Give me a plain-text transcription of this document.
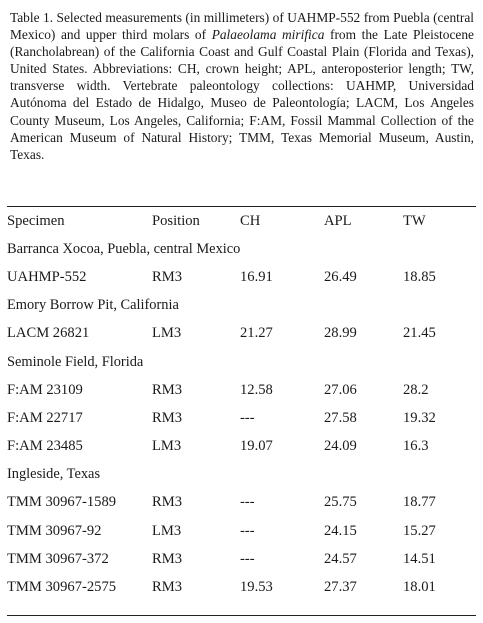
Table 1. Selected measurements (in millimeters) of UAHMP-552 from Puebla (central Mexico) and upper third molars of Palaeolama mirifica from the Late Pleistocene (Rancholabrean) of the California Coast and Gulf Coastal Plain (Florida and Texas), United States. Abbreviations: CH, crown height; APL, anteroposterior length; TW, transverse width. Vertebrate paleontology collections: UAHMP, Universidad Autónoma del Estado de Hidalgo, Museo de Paleontología; LACM, Los Angeles County Museum, Los Angeles, California; F:AM, Fossil Mammal Collection of the American Museum of Natural History; TMM, Texas Memorial Museum, Austin, Texas.

Specimen	Position	CH	APL	TW
Barranca Xocoa, Puebla, central Mexico				
UAHMP-552	RM3	16.91	26.49	18.85
Emory Borrow Pit, California				
LACM 26821	LM3	21.27	28.99	21.45
Seminole Field, Florida				
F:AM 23109	RM3	12.58	27.06	28.2
F:AM 22717	RM3	---	27.58	19.32
F:AM 23485	LM3	19.07	24.09	16.3
Ingleside, Texas				
TMM 30967-1589	RM3	---	25.75	18.77
TMM 30967-92	LM3	---	24.15	15.27
TMM 30967-372	RM3	---	24.57	14.51
TMM 30967-2575	RM3	19.53	27.37	18.01
